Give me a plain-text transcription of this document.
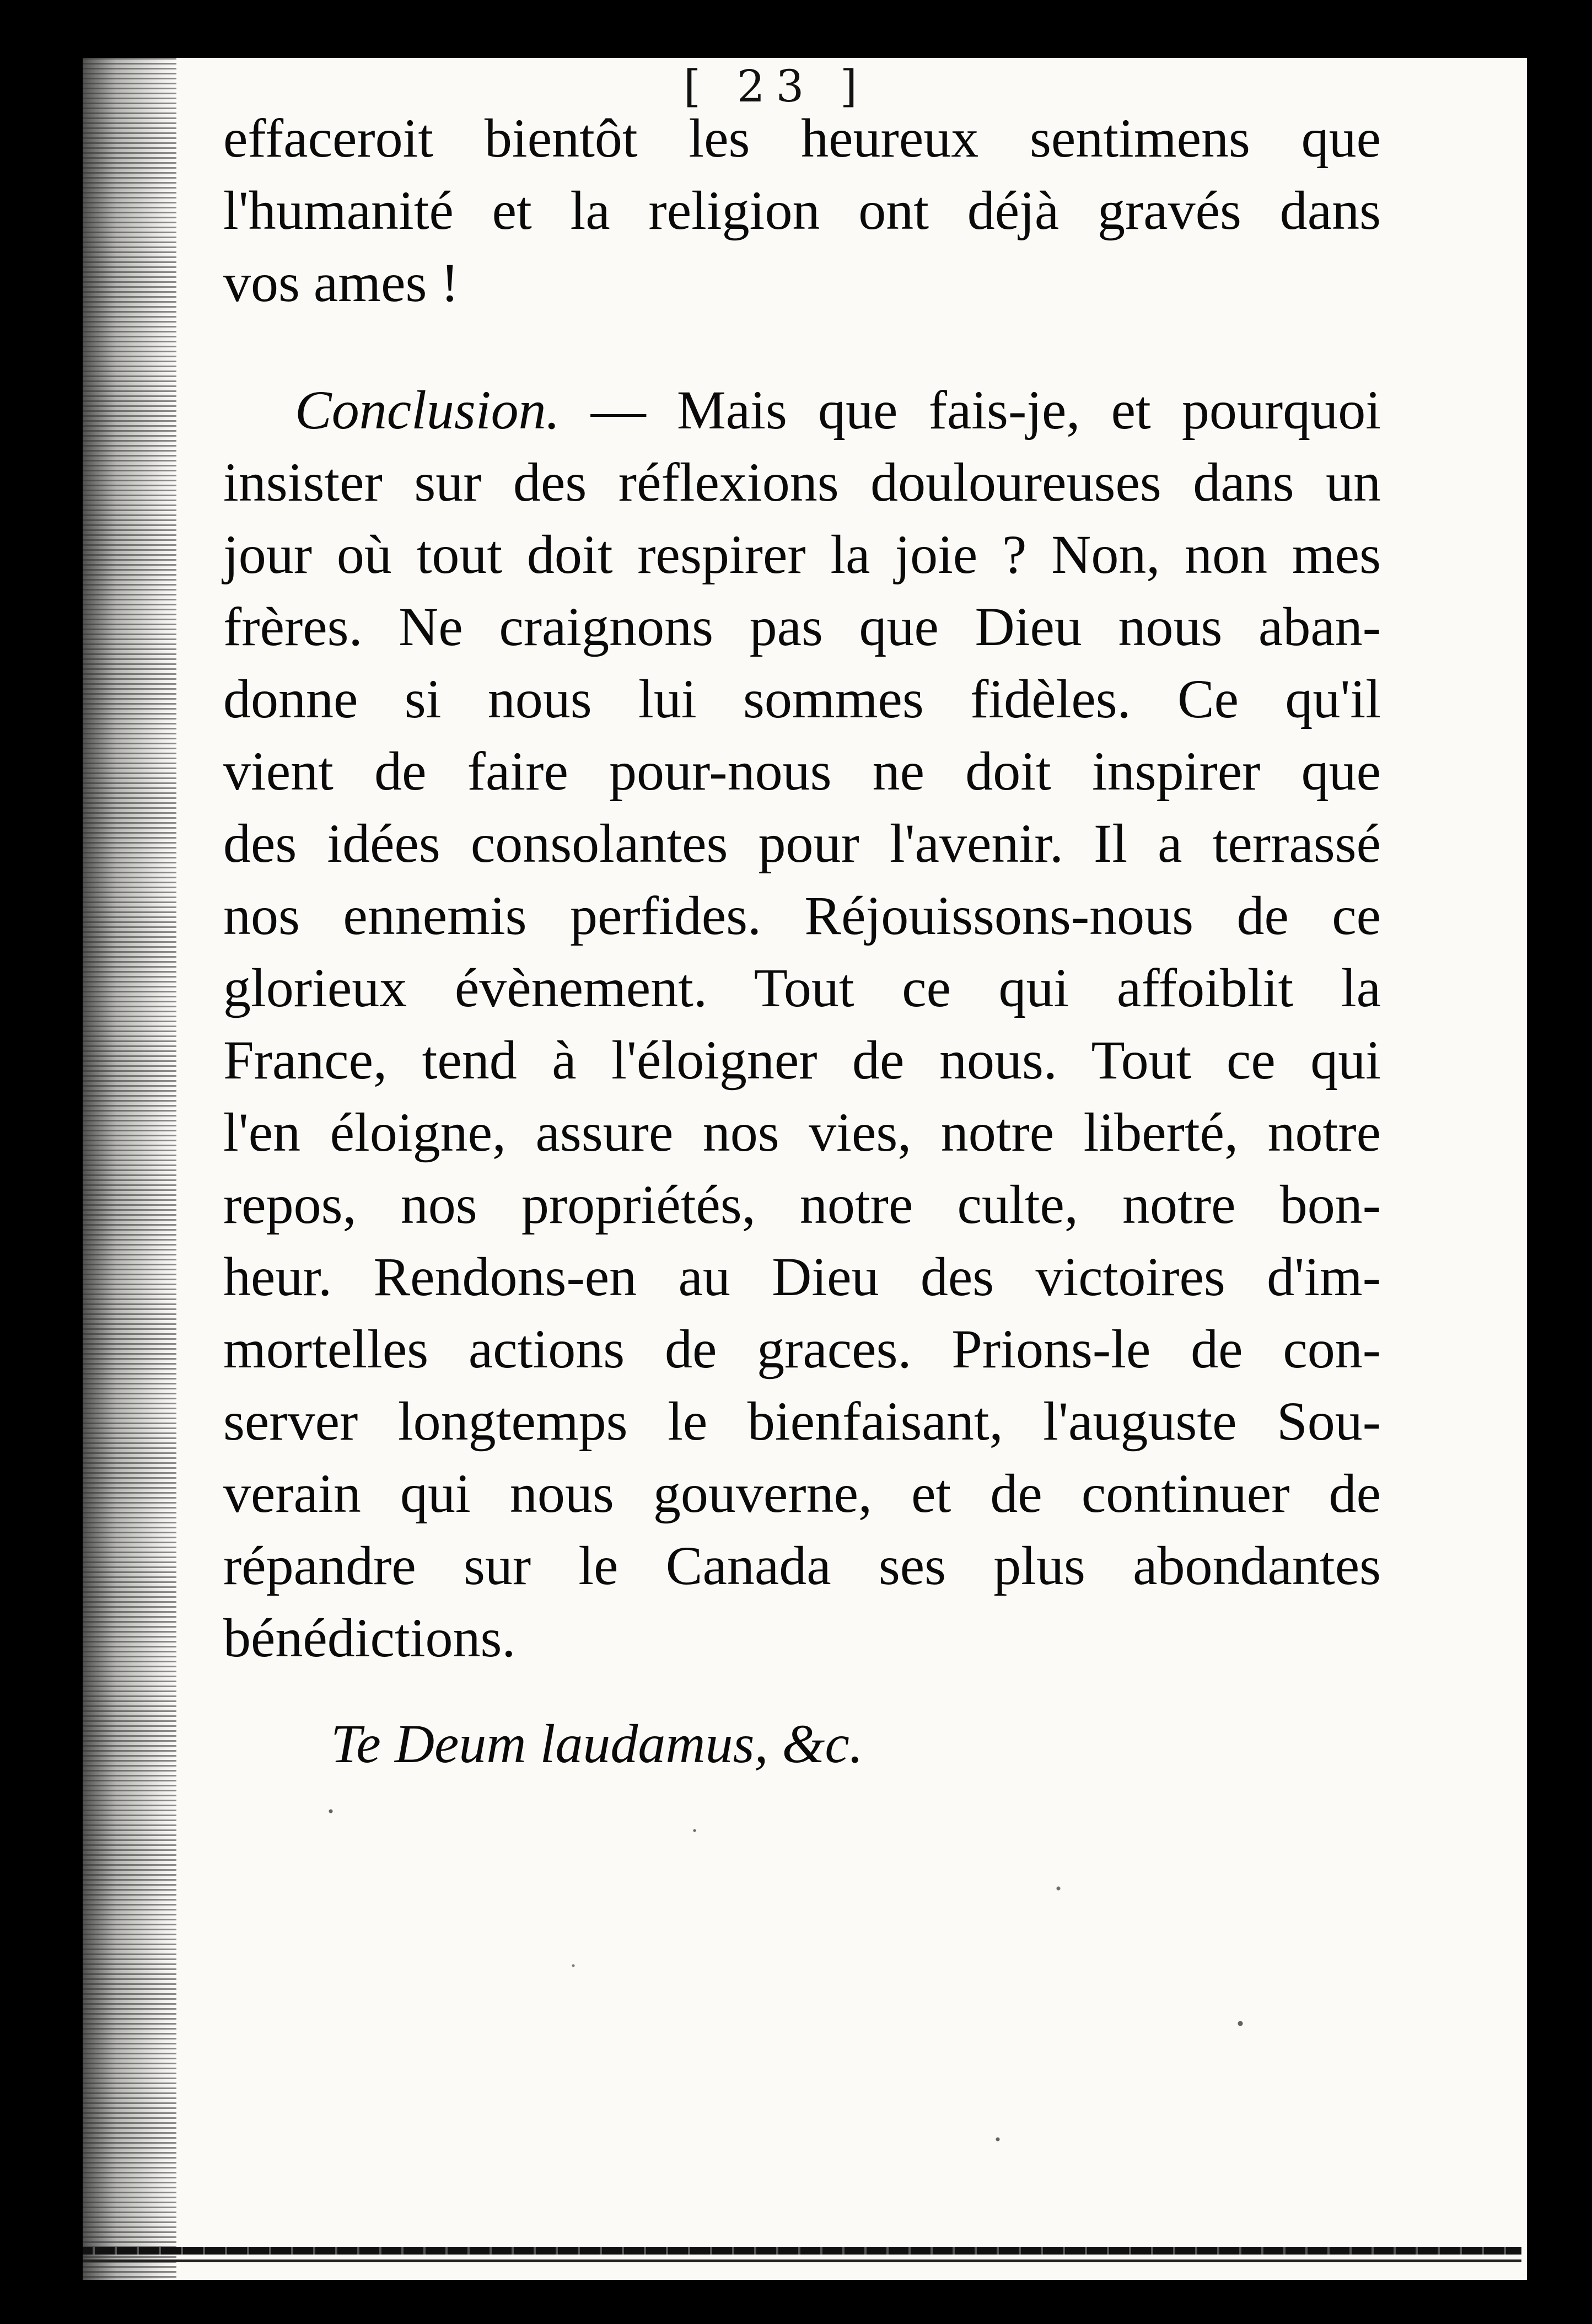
[ 23 ]
effaceroit bientôt les heureux sentimens que
l'humanité et la religion ont déjà gravés dans
vos ames !
Conclusion. — Mais que fais-je, et pourquoi
insister sur des réflexions douloureuses dans un
jour où tout doit respirer la joie ? Non, non mes
frères. Ne craignons pas que Dieu nous aban-
donne si nous lui sommes fidèles. Ce qu'il
vient de faire pour-nous ne doit inspirer que
des idées consolantes pour l'avenir. Il a terrassé
nos ennemis perfides. Réjouissons-nous de ce
glorieux évènement. Tout ce qui affoiblit la
France, tend à l'éloigner de nous. Tout ce qui
l'en éloigne, assure nos vies, notre liberté, notre
repos, nos propriétés, notre culte, notre bon-
heur. Rendons-en au Dieu des victoires d'im-
mortelles actions de graces. Prions-le de con-
server longtemps le bienfaisant, l'auguste Sou-
verain qui nous gouverne, et de continuer de
répandre sur le Canada ses plus abondantes
bénédictions.
Te Deum laudamus, &c.
